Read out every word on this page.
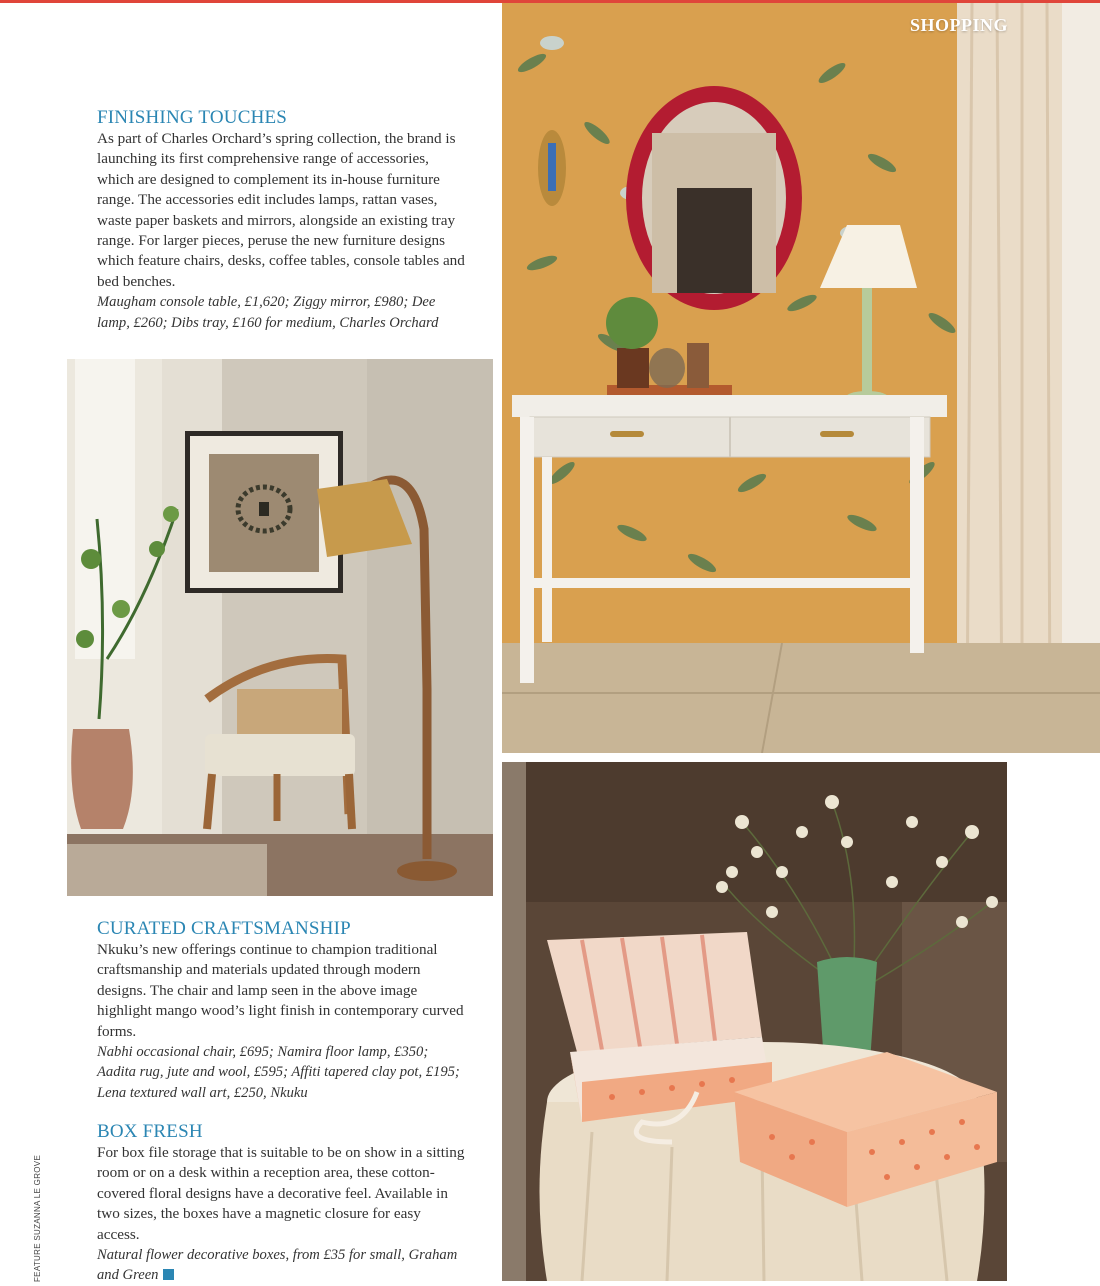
FINISHING TOUCHES

As part of Charles Orchard’s spring collection, the brand is launching its first comprehensive range of accessories, which are designed to complement its in-house furniture range. The accessories edit includes lamps, rattan vases, waste paper baskets and mirrors, alongside an existing tray range. For larger pieces, peruse the new furniture designs which feature chairs, desks, coffee tables, console tables and bed benches.

Maugham console table, £1,620; Ziggy mirror, £980; Dee lamp, £260; Dibs tray, £160 for medium, Charles Orchard

CURATED CRAFTSMANSHIP

Nkuku’s new offerings continue to champion traditional craftsmanship and materials updated through modern designs. The chair and lamp seen in the above image highlight mango wood’s light finish in contemporary curved forms.

Nabhi occasional chair, £695; Namira floor lamp, £350; Aadita rug, jute and wool, £595; Affiti tapered clay pot, £195; Lena textured wall art, £250, Nkuku

BOX FRESH

For box file storage that is suitable to be on show in a sitting room or on a desk within a reception area, these cotton-covered floral designs have a decorative feel. Available in two sizes, the boxes have a magnetic closure for easy access.

Natural flower decorative boxes, from £35 for small, Graham and Green

SHOPPING
FEATURE SUZANNA LE GROVE
